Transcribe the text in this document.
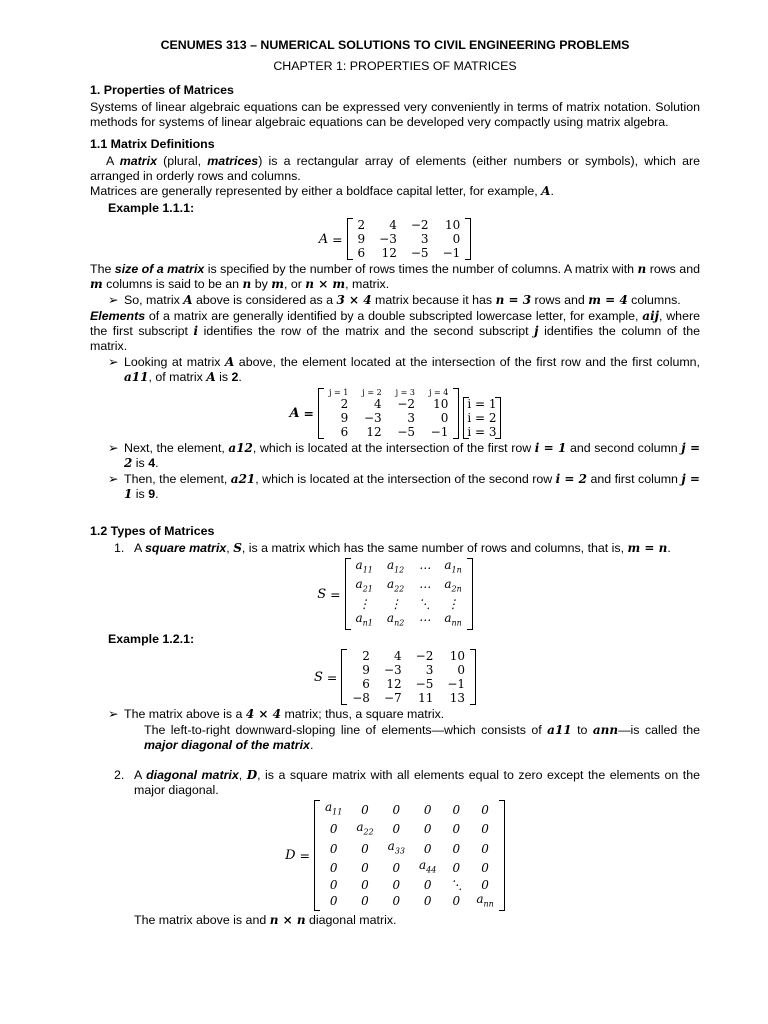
CENUMES 313 – NUMERICAL SOLUTIONS TO CIVIL ENGINEERING PROBLEMS

CHAPTER 1: PROPERTIES OF MATRICES

1. Properties of Matrices

Systems of linear algebraic equations can be expressed very conveniently in terms of matrix notation. Solution methods for systems of linear algebraic equations can be developed very compactly using matrix algebra.

1.1 Matrix Definitions

A matrix (plural, matrices) is a rectangular array of elements (either numbers or symbols), which are arranged in orderly rows and columns.

Matrices are generally represented by either a boldface capital letter, for example, A.

Example 1.1.1:
A =
2	4	−2	10
9	−3	3	0
6	12	−5	−1

The size of a matrix is specified by the number of rows times the number of columns. A matrix with n rows and m columns is said to be an n by m, or n × m, matrix.

➢ So, matrix A above is considered as a 3 × 4 matrix because it has n = 3 rows and m = 4 columns.

Elements of a matrix are generally identified by a double subscripted lowercase letter, for example, aij, where the first subscript i identifies the row of the matrix and the second subscript j identifies the column of the matrix.

➢ Looking at matrix A above, the element located at the intersection of the first row and the first column, a11, of matrix A is 2.
A =
j = 1	j = 2	j = 3	j = 4
2	4	−2	10
9	−3	3	0
6	12	−5	−1
i = 1
i = 2
i = 3
➢ Next, the element, a12, which is located at the intersection of the first row i = 1 and second column j = 2 is 4.
➢ Then, the element, a21, which is located at the intersection of the second row i = 2 and first column j = 1 is 9.
1.2 Types of Matrices
1. A square matrix, S, is a matrix which has the same number of rows and columns, that is, m = n.
S =
$a_{11}$	$a_{12}$	⋯	$a_{1n}$
$a_{21}$	$a_{22}$	⋯	$a_{2n}$
⋮	⋮	⋱	⋮
$a_{n1}$	$a_{n2}$	⋯	$a_{nn}$
Example 1.2.1:
S =
2	4	−2	10
9	−3	3	0
6	12	−5	−1
−8	−7	11	13
➢ The matrix above is a 4 × 4 matrix; thus, a square matrix.

The left-to-right downward-sloping line of elements—which consists of a11 to ann—is called the major diagonal of the matrix.

2. A diagonal matrix, D, is a square matrix with all elements equal to zero except the elements on the major diagonal.
D =
$a_{11}$	0	0	0	0	0
0	$a_{22}$	0	0	0	0
0	0	$a_{33}$	0	0	0
0	0	0	$a_{44}$	0	0
0	0	0	0	⋱	0
0	0	0	0	0	$a_{nn}$

The matrix above is and n × n diagonal matrix.
